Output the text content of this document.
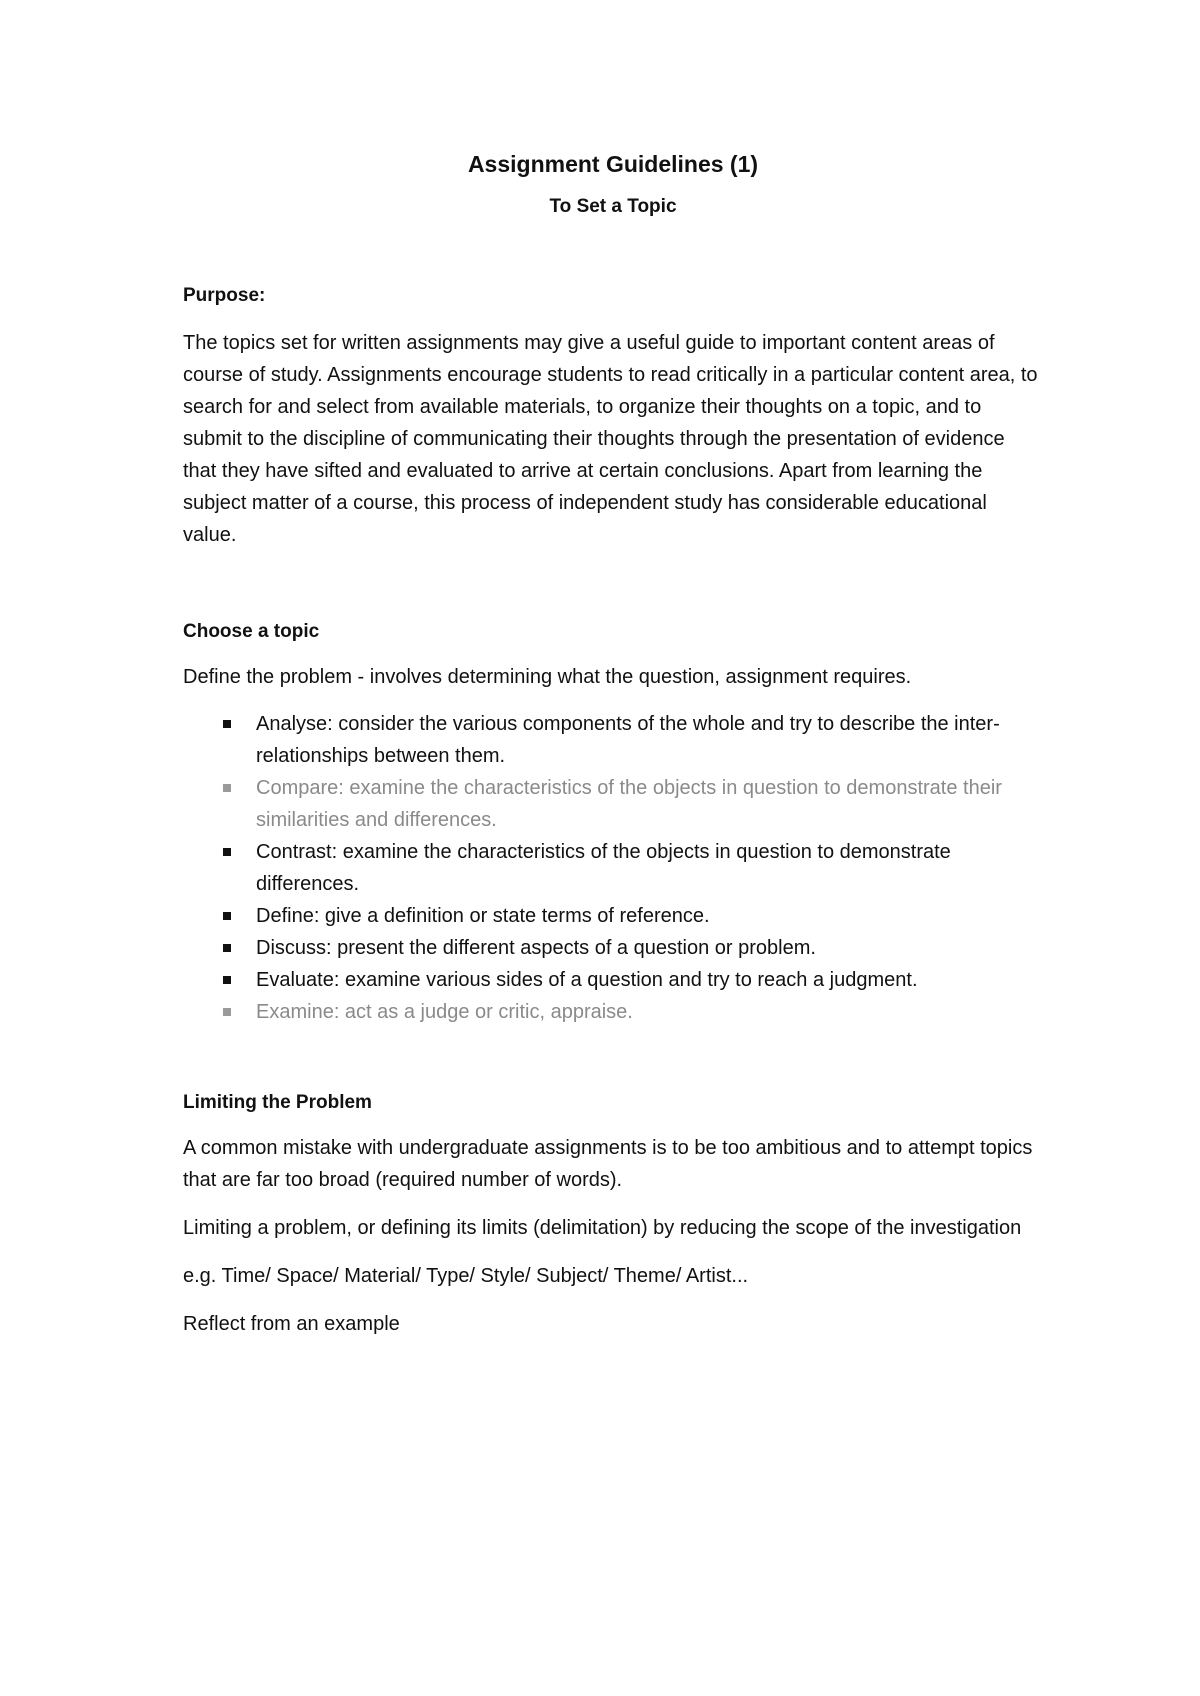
Assignment Guidelines (1)
To Set a Topic
Purpose:

The topics set for written assignments may give a useful guide to important content areas of course of study. Assignments encourage students to read critically in a particular content area, to search for and select from available materials, to organize their thoughts on a topic, and to submit to the discipline of communicating their thoughts through the presentation of evidence that they have sifted and evaluated to arrive at certain conclusions. Apart from learning the subject matter of a course, this process of independent study has considerable educational value.

Choose a topic

Define the problem - involves determining what the question, assignment requires.

Analyse: consider the various components of the whole and try to describe the inter-relationships between them.
Compare: examine the characteristics of the objects in question to demonstrate their similarities and differences.
Contrast: examine the characteristics of the objects in question to demonstrate differences.
Define: give a definition or state terms of reference.
Discuss: present the different aspects of a question or problem.
Evaluate: examine various sides of a question and try to reach a judgment.
Examine: act as a judge or critic, appraise.
Limiting the Problem

A common mistake with undergraduate assignments is to be too ambitious and to attempt topics that are far too broad (required number of words).

Limiting a problem, or defining its limits (delimitation) by reducing the scope of the investigation

e.g. Time/ Space/ Material/ Type/ Style/ Subject/ Theme/ Artist...

Reflect from an example
